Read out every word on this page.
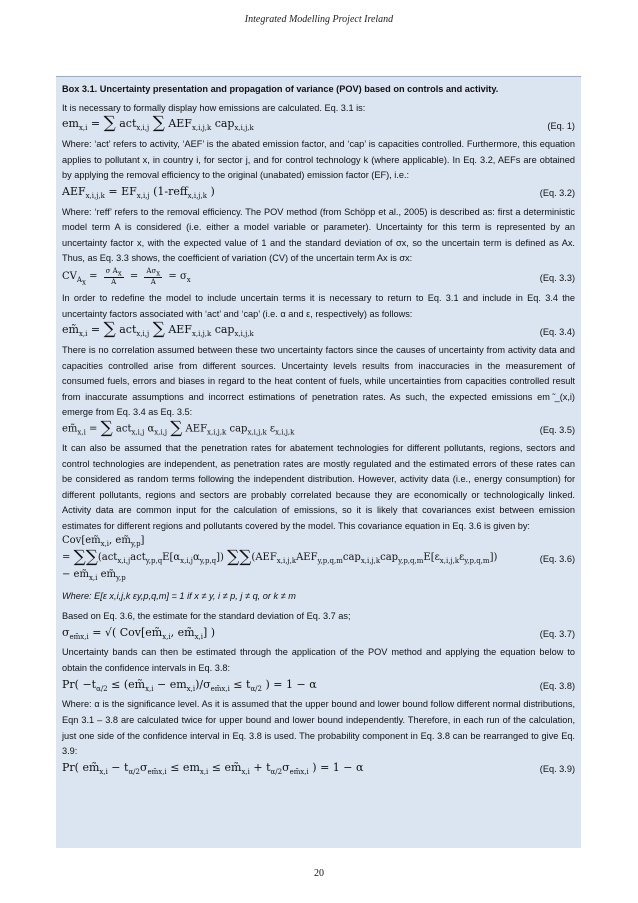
Integrated Modelling Project Ireland
Box 3.1. Uncertainty presentation and propagation of variance (POV) based on controls and activity.
It is necessary to formally display how emissions are calculated. Eq. 3.1 is:
$em_{x,i}$ = ∑ act$_{x,i,j}$ ∑ $AEF_{x,i,j,k}$ cap$_{x,i,j,k}$	(Eq. 1)
Where: ‘act’ refers to activity, ‘AEF’ is the abated emission factor, and ‘cap’ is capacities controlled. Furthermore, this equation applies to pollutant x, in country i, for sector j, and for control technology k (where applicable). In Eq. 3.2, AEFs are obtained by applying the removal efficiency to the original (unabated) emission factor (EF), i.e.:
$AEF_{x,i,j,k} = EF_{x,i,j}$ (1-reff$_{x,i,j,k}$ )	(Eq. 3.2)
Where: ‘reff’ refers to the removal efficiency. The POV method (from Schöpp et al., 2005) is described as: first a deterministic model term A is considered (i.e. either a model variable or parameter). Uncertainty for this term is represented by an uncertainty factor x, with the expected value of 1 and the standard deviation of σx, so the uncertain term is defined as Ax. Thus, as Eq. 3.3 shows, the coefficient of variation (CV) of the uncertain term Ax is σx:
$CV_{A_x} = \frac{\sigma A_x}{A} = \frac{A\sigma_x}{A} = \sigma_x$	(Eq. 3.3)
In order to redefine the model to include uncertain terms it is necessary to return to Eq. 3.1 and include in Eq. 3.4 the uncertainty factors associated with ‘act’ and ‘cap’ (i.e. α and ε, respectively) as follows:
$em̃_{x,i}$ = ∑ act$_{x,i,j}$ ∑ $AEF_{x,i,j,k}$ cap$_{x,i,j,k}$	(Eq. 3.4)
There is no correlation assumed between these two uncertainty factors since the causes of uncertainty from activity data and capacities controlled arise from different sources. Uncertainty levels results from inaccuracies in the measurement of consumed fuels, errors and biases in regard to the heat content of fuels, while uncertainties from capacities controlled result from inaccurate assumptions and incorrect estimations of penetration rates. As such, the expected emissions em ̃_(x,i) emerge from Eq. 3.4 as Eq. 3.5:
$em̃_{x,i}$ = ∑ act$_{x,i,j}$ $\alpha_{x,i,j}$ ∑ $AEF_{x,i,j,k}$ cap$_{x,i,j,k}$ $\varepsilon_{x,i,j,k}$	(Eq. 3.5)
It can also be assumed that the penetration rates for abatement technologies for different pollutants, regions, sectors and control technologies are independent, as penetration rates are mostly regulated and the estimated errors of these rates can be considered as random terms following the independent distribution. However, activity data (i.e., energy consumption) for different pollutants, regions and sectors are probably correlated because they are economically or technologically linked. Activity data are common input for the calculation of emissions, so it is likely that covariances exist between emission estimates for different regions and pollutants covered by the model. This covariance equation in Eq. 3.6 is given by:
$Cov[em̃_{x,i}$, $em̃_{y,p}$]
= $\sum\sum(act_{x,i,j}act_{y,p,q}E[\alpha_{x,i,j}\alpha_{y,p,q}])$ $\sum\sum(AEF_{x,i,j,k}AEF_{y,p,q,m}cap_{x,i,j,k}cap_{y,p,q,m}E[\varepsilon_{x,i,j,k}\varepsilon_{y,p,q,m}])$
− $em̃_{x,i}$ $em̃_{y,p}$
(Eq. 3.6)
Where: E[ε x,i,j,k εy,p,q,m] = 1 if x ≠ y, i ≠ p, j ≠ q, or k ≠ m
Based on Eq. 3.6, the estimate for the standard deviation of Eq. 3.7 as;
$\sigma_{em̃x,i}$ = √( $Cov[em̃_{x,i}$, $em̃_{x,i}$] )	(Eq. 3.7)
Uncertainty bands can then be estimated through the application of the POV method and applying the equation below to obtain the confidence intervals in Eq. 3.8:
$Pr( -t_{\alpha/2}$ ≤ $(em̃_{x,i} - em_{x,i})/\sigma_{em̃x,i} \le t_{\alpha/2}$ ) = 1 − α	(Eq. 3.8)
Where: α is the significance level. As it is assumed that the upper bound and lower bound follow different normal distributions, Eqn 3.1 – 3.8 are calculated twice for upper bound and lower bound independently. Therefore, in each run of the calculation, just one side of the confidence interval in Eq. 3.8 is used. The probability component in Eq. 3.8 can be rearranged to give Eq. 3.9:
Pr( $em̃_{x,i} - t_{\alpha/2}\sigma_{em̃x,i} \le em_{x,i}$ ≤ $em̃_{x,i} + t_{\alpha/2}\sigma_{em̃x,i}$ ) = 1 − α	(Eq. 3.9)
20
